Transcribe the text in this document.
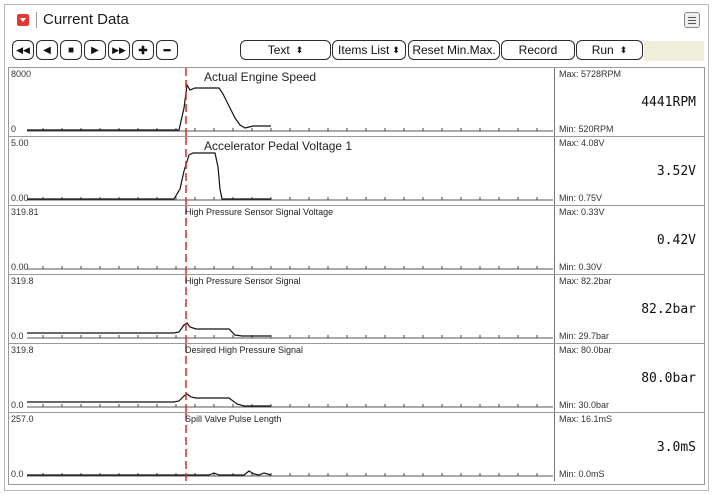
Current Data
◀◀	◀	■	▶	▶▶	✚	━	Text ⬍	Items List ⬍	Reset Min.Max.	Record	Run ⬍
8000
0
Actual Engine Speed	Max: 5728RPM
4441RPM
Min: 520RPM
5.00
0.00
Accelerator Pedal Voltage 1	Max: 4.08V
3.52V
Min: 0.75V
319.81
0.00
High Pressure Sensor Signal Voltage	Max: 0.33V
0.42V
Min: 0.30V
319.8
0.0
High Pressure Sensor Signal	Max: 82.2bar
82.2bar
Min: 29.7bar
319.8
0.0
Desired High Pressure Signal	Max: 80.0bar
80.0bar
Min: 30.0bar
257.0
0.0
Spill Valve Pulse Length	Max: 16.1mS
3.0mS
Min: 0.0mS
